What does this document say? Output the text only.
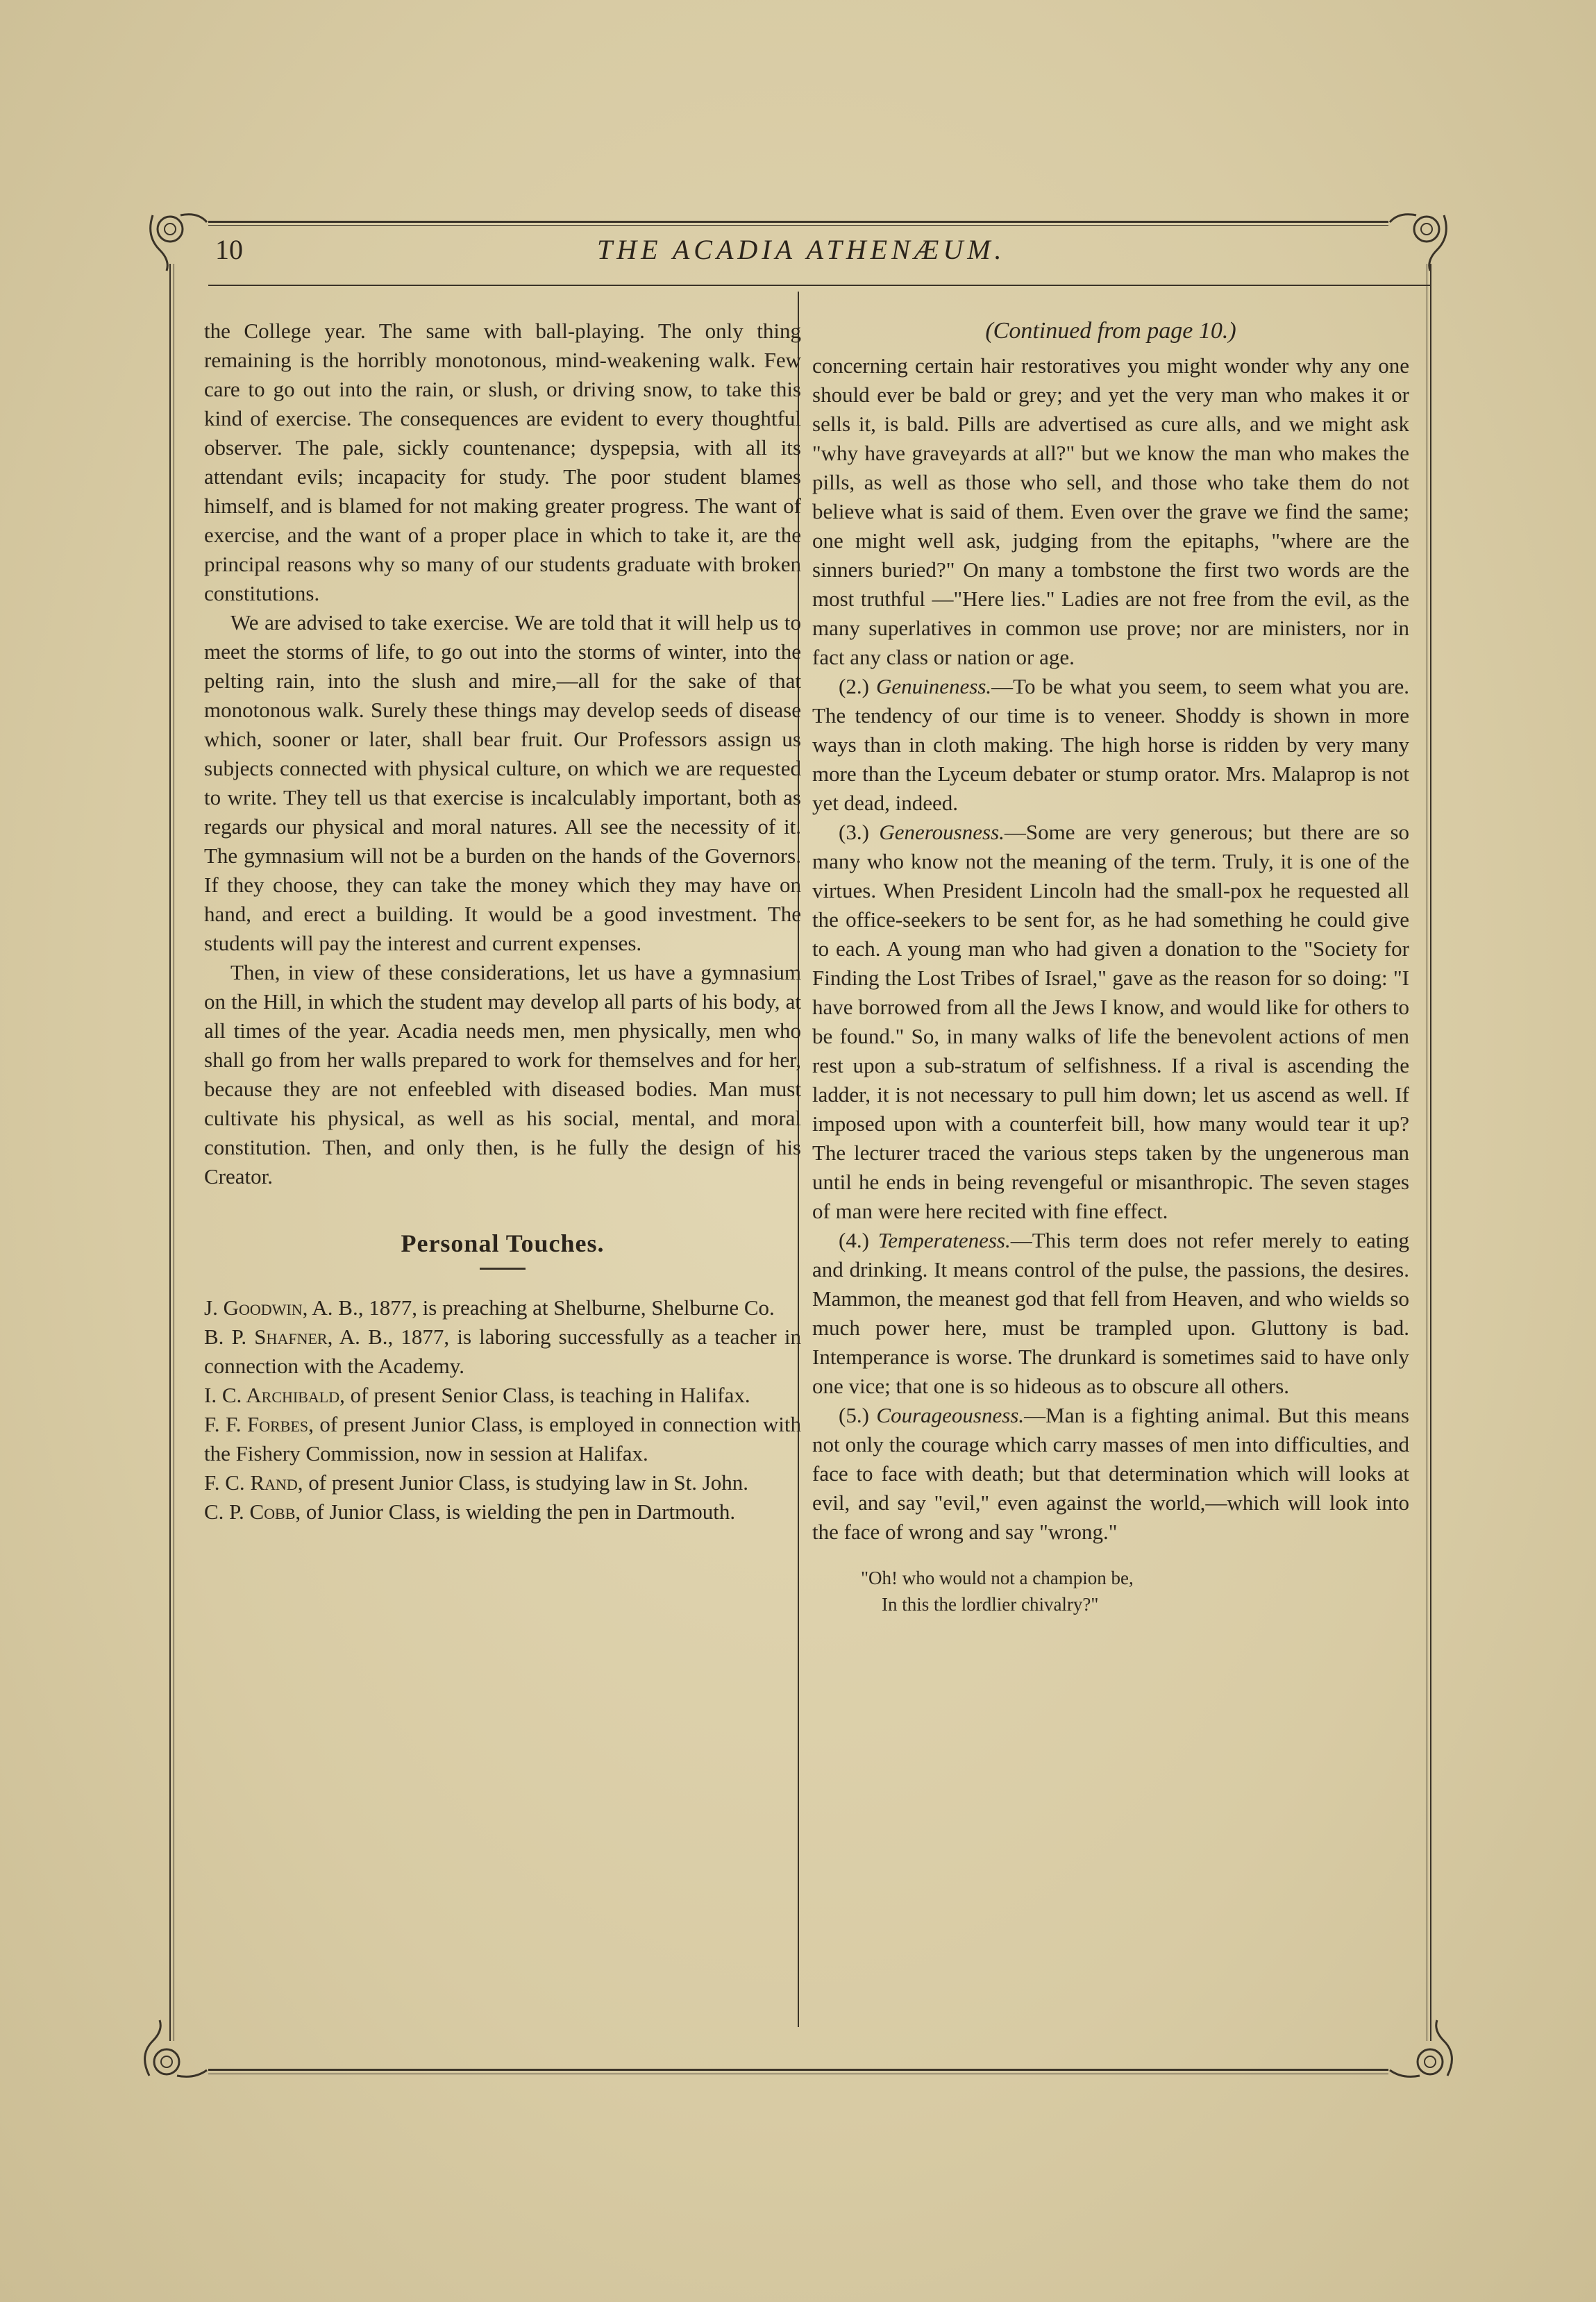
10	THE ACADIA ATHENÆUM.

the College year. The same with ball-playing. The only thing remaining is the horribly monotonous, mind-weakening walk. Few care to go out into the rain, or slush, or driving snow, to take this kind of exercise. The consequences are evident to every thoughtful observer. The pale, sickly countenance; dyspepsia, with all its attendant evils; incapacity for study. The poor student blames himself, and is blamed for not making greater progress. The want of exercise, and the want of a proper place in which to take it, are the principal reasons why so many of our students graduate with broken constitutions.

We are advised to take exercise. We are told that it will help us to meet the storms of life, to go out into the storms of winter, into the pelting rain, into the slush and mire,—all for the sake of that monotonous walk. Surely these things may develop seeds of disease which, sooner or later, shall bear fruit. Our Professors assign us subjects connected with physical culture, on which we are requested to write. They tell us that exercise is incalculably important, both as regards our physical and moral natures. All see the necessity of it. The gymnasium will not be a burden on the hands of the Governors. If they choose, they can take the money which they may have on hand, and erect a building. It would be a good investment. The students will pay the interest and current expenses.

Then, in view of these considerations, let us have a gymnasium on the Hill, in which the student may develop all parts of his body, at all times of the year. Acadia needs men, men physically, men who shall go from her walls prepared to work for themselves and for her, because they are not enfeebled with diseased bodies. Man must cultivate his physical, as well as his social, mental, and moral constitution. Then, and only then, is he fully the design of his Creator.

Personal Touches.

J. Goodwin, A. B., 1877, is preaching at Shelburne, Shelburne Co.

B. P. Shafner, A. B., 1877, is laboring successfully as a teacher in connection with the Academy.

I. C. Archibald, of present Senior Class, is teaching in Halifax.

F. F. Forbes, of present Junior Class, is employed in connection with the Fishery Commission, now in session at Halifax.

F. C. Rand, of present Junior Class, is studying law in St. John.

C. P. Cobb, of Junior Class, is wielding the pen in Dartmouth.

(Continued from page 10.)

concerning certain hair restoratives you might wonder why any one should ever be bald or grey; and yet the very man who makes it or sells it, is bald. Pills are advertised as cure alls, and we might ask "why have graveyards at all?" but we know the man who makes the pills, as well as those who sell, and those who take them do not believe what is said of them. Even over the grave we find the same; one might well ask, judging from the epitaphs, "where are the sinners buried?" On many a tombstone the first two words are the most truthful —"Here lies." Ladies are not free from the evil, as the many superlatives in common use prove; nor are ministers, nor in fact any class or nation or age.

(2.) Genuineness.—To be what you seem, to seem what you are. The tendency of our time is to veneer. Shoddy is shown in more ways than in cloth making. The high horse is ridden by very many more than the Lyceum debater or stump orator. Mrs. Malaprop is not yet dead, indeed.

(3.) Generousness.—Some are very generous; but there are so many who know not the meaning of the term. Truly, it is one of the virtues. When President Lincoln had the small-pox he requested all the office-seekers to be sent for, as he had something he could give to each. A young man who had given a donation to the "Society for Finding the Lost Tribes of Israel," gave as the reason for so doing: "I have borrowed from all the Jews I know, and would like for others to be found." So, in many walks of life the benevolent actions of men rest upon a sub-stratum of selfishness. If a rival is ascending the ladder, it is not necessary to pull him down; let us ascend as well. If imposed upon with a counterfeit bill, how many would tear it up? The lecturer traced the various steps taken by the ungenerous man until he ends in being revengeful or misanthropic. The seven stages of man were here recited with fine effect.

(4.) Temperateness.—This term does not refer merely to eating and drinking. It means control of the pulse, the passions, the desires. Mammon, the meanest god that fell from Heaven, and who wields so much power here, must be trampled upon. Gluttony is bad. Intemperance is worse. The drunkard is sometimes said to have only one vice; that one is so hideous as to obscure all others.

(5.) Courageousness.—Man is a fighting animal. But this means not only the courage which carry masses of men into difficulties, and face to face with death; but that determination which will looks at evil, and say "evil," even against the world,—which will look into the face of wrong and say "wrong."

"Oh! who would not a champion be,
In this the lordlier chivalry?"
